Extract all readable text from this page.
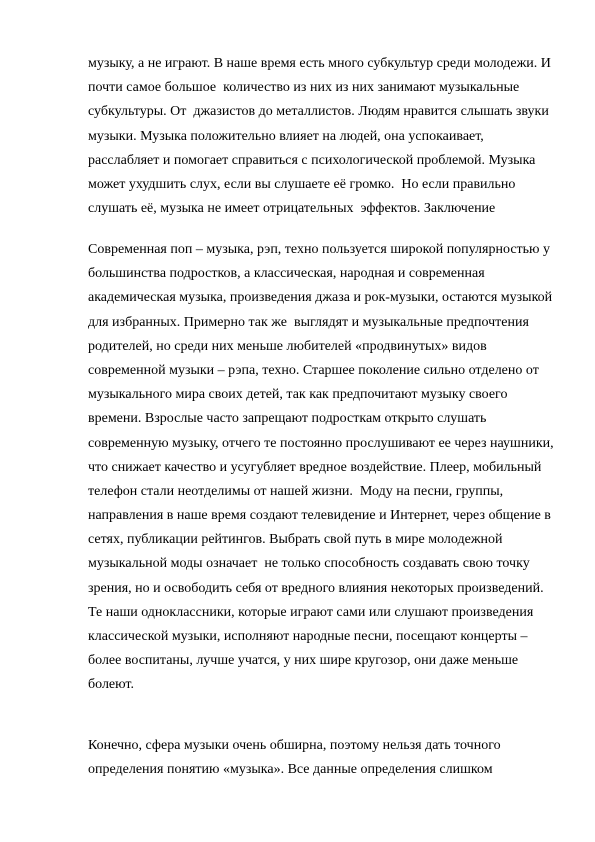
музыку, а не играют. В наше время есть много субкультур среди молодежи. И
почти самое большое  количество из них из них занимают музыкальные
субкультуры. От  джазистов до металлистов. Людям нравится слышать звуки
музыки. Музыка положительно влияет на людей, она успокаивает,
расслабляет и помогает справиться с психологической проблемой. Музыка
может ухудшить слух, если вы слушаете её громко.  Но если правильно
слушать её, музыка не имеет отрицательных  эффектов. Заключение
Современная поп – музыка, рэп, техно пользуется широкой популярностью у
большинства подростков, а классическая, народная и современная
академическая музыка, произведения джаза и рок-музыки, остаются музыкой
для избранных. Примерно так же  выглядят и музыкальные предпочтения
родителей, но среди них меньше любителей «продвинутых» видов
современной музыки – рэпа, техно. Старшее поколение сильно отделено от
музыкального мира своих детей, так как предпочитают музыку своего
времени. Взрослые часто запрещают подросткам открыто слушать
современную музыку, отчего те постоянно прослушивают ее через наушники,
что снижает качество и усугубляет вредное воздействие. Плеер, мобильный
телефон стали неотделимы от нашей жизни.  Моду на песни, группы,
направления в наше время создают телевидение и Интернет, через общение в
сетях, публикации рейтингов. Выбрать свой путь в мире молодежной
музыкальной моды означает  не только способность создавать свою точку
зрения, но и освободить себя от вредного влияния некоторых произведений.
Те наши одноклассники, которые играют сами или слушают произведения
классической музыки, исполняют народные песни, посещают концерты –
более воспитаны, лучше учатся, у них шире кругозор, они даже меньше
болеют.
Конечно, сфера музыки очень обширна, поэтому нельзя дать точного
определения понятию «музыка». Все данные определения слишком
